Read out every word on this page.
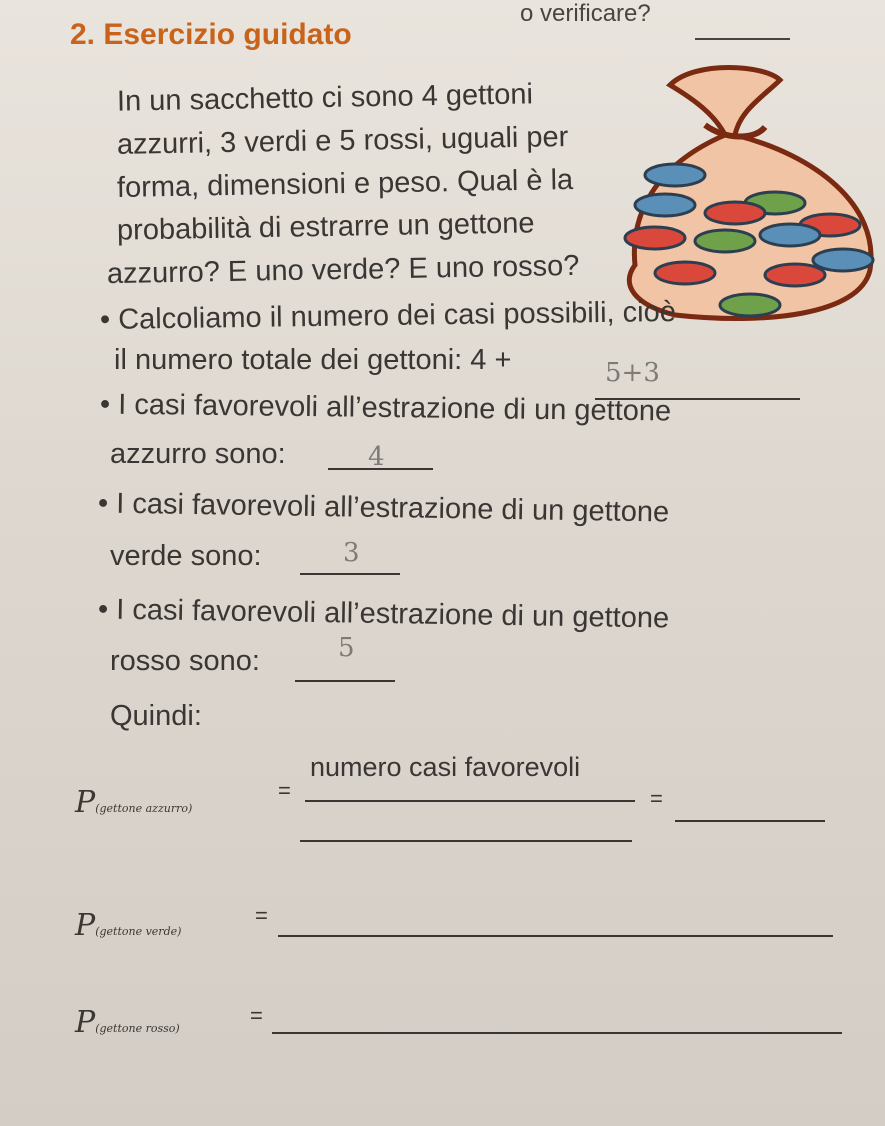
o verificare?
2. Esercizio guidato
In un sacchetto ci sono 4 gettoni
azzurri, 3 verdi e 5 rossi, uguali per
forma, dimensioni e peso. Qual è la
probabilità di estrarre un gettone
azzurro? E uno verde? E uno rosso?
• Calcoliamo il numero dei casi possibili, cioè
il numero totale dei gettoni: 4 +	5+3
• I casi favorevoli all’estrazione di un gettone
azzurro sono:	4
• I casi favorevoli all’estrazione di un gettone
verde sono:	3
• I casi favorevoli all’estrazione di un gettone
rosso sono:	5
Quindi:
P(gettone azzurro)
=
numero casi favorevoli
=
P(gettone verde)
=
P(gettone rosso)
=
